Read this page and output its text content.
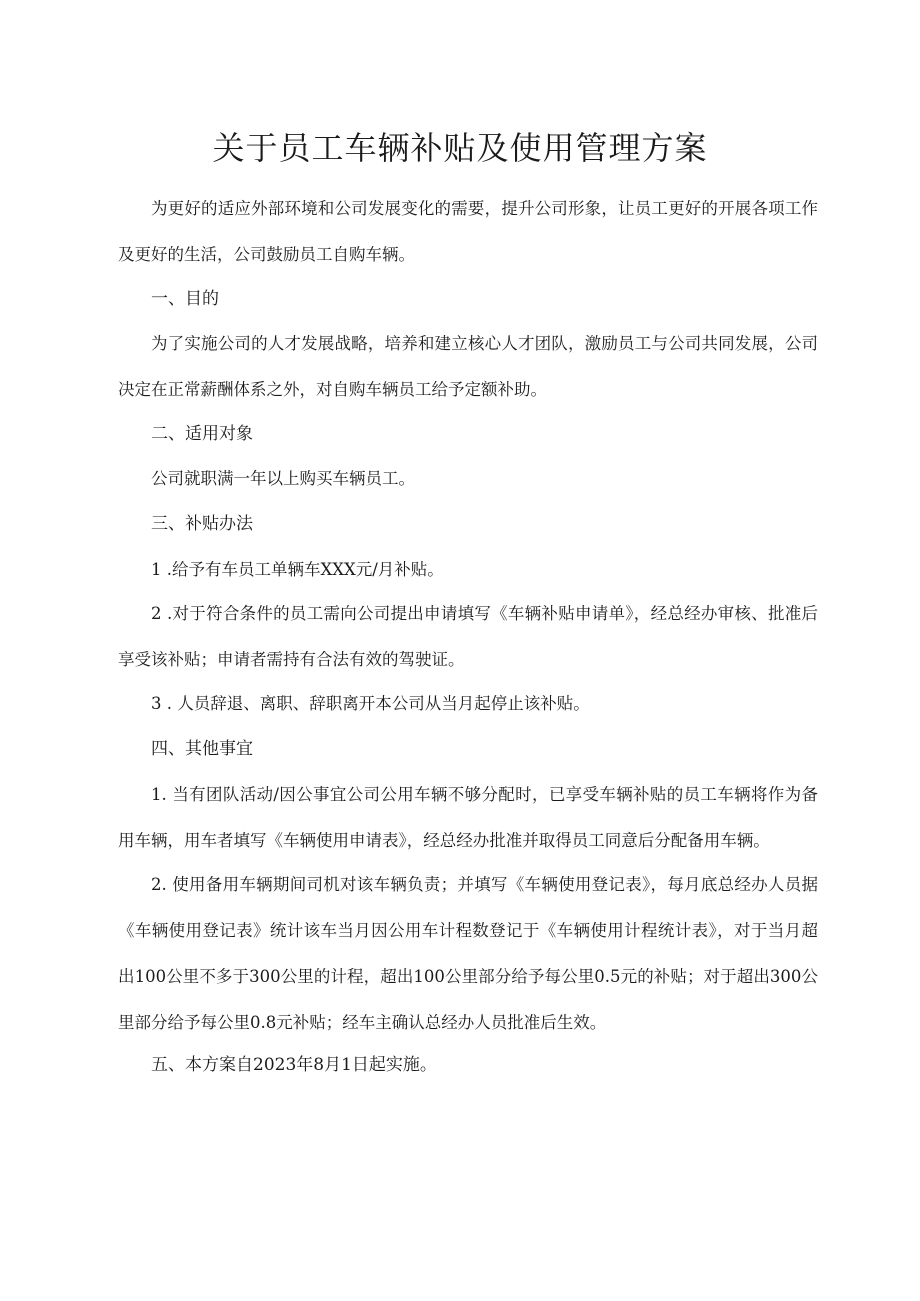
关于员工车辆补贴及使用管理方案

为更好的适应外部环境和公司发展变化的需要，提升公司形象，让员工更好的开展各项工作及更好的生活，公司鼓励员工自购车辆。

一、目的

为了实施公司的人才发展战略，培养和建立核心人才团队，激励员工与公司共同发展，公司决定在正常薪酬体系之外，对自购车辆员工给予定额补助。

二、适用对象

公司就职满一年以上购买车辆员工。

三、补贴办法

1 .给予有车员工单辆车XXX元/月补贴。

2 .对于符合条件的员工需向公司提出申请填写《车辆补贴申请单》，经总经办审核、批准后享受该补贴；申请者需持有合法有效的驾驶证。

3 . 人员辞退、离职、辞职离开本公司从当月起停止该补贴。

四、其他事宜

1. 当有团队活动/因公事宜公司公用车辆不够分配时，已享受车辆补贴的员工车辆将作为备用车辆，用车者填写《车辆使用申请表》，经总经办批准并取得员工同意后分配备用车辆。

2. 使用备用车辆期间司机对该车辆负责；并填写《车辆使用登记表》，每月底总经办人员据《车辆使用登记表》统计该车当月因公用车计程数登记于《车辆使用计程统计表》，对于当月超出100公里不多于300公里的计程，超出100公里部分给予每公里0.5元的补贴；对于超出300公里部分给予每公里0.8元补贴；经车主确认总经办人员批准后生效。

五、本方案自2023年8月1日起实施。
